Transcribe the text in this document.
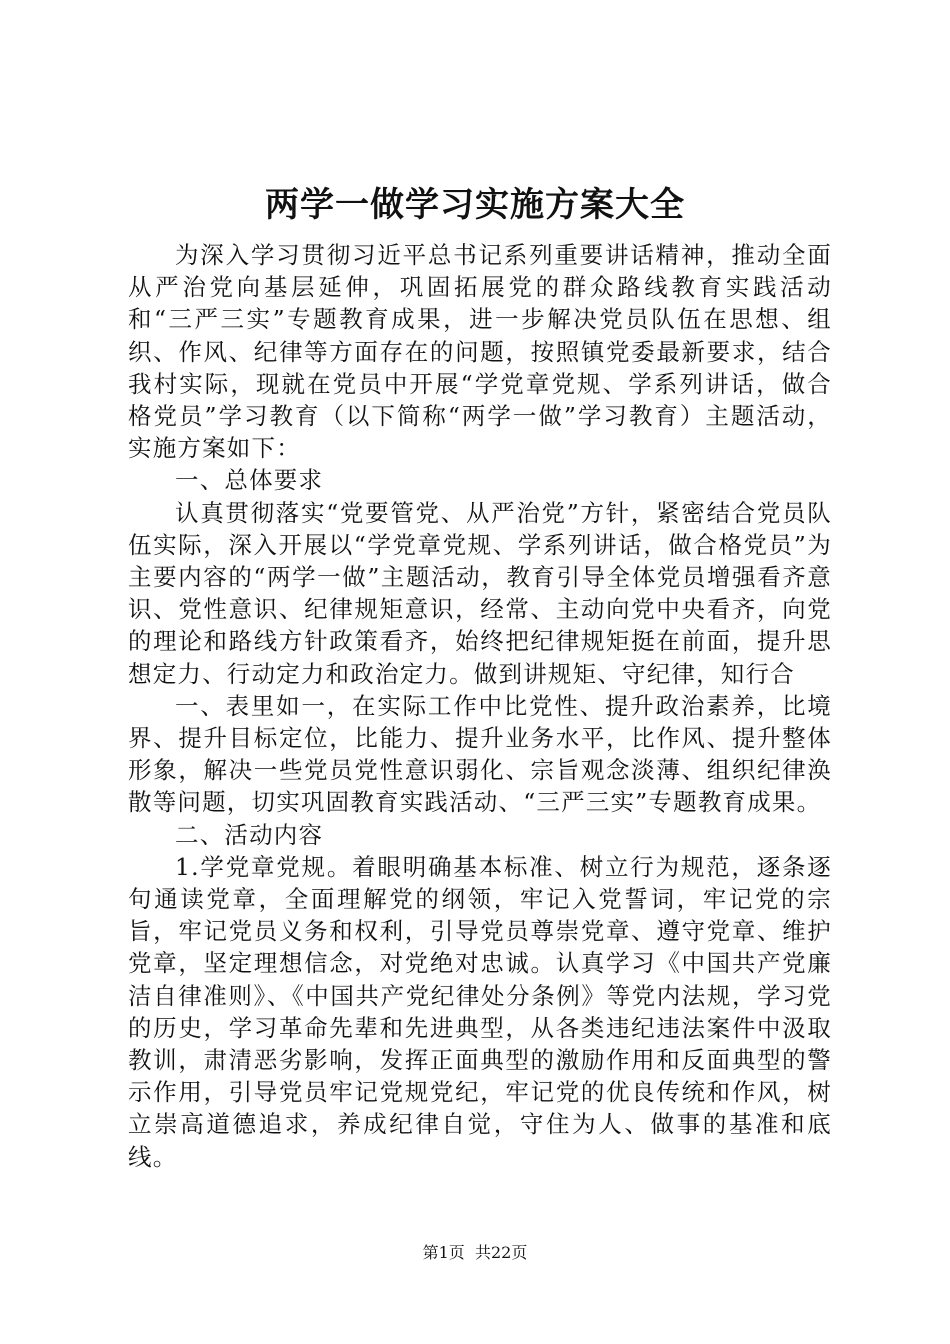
两学一做学习实施方案大全

为深入学习贯彻习近平总书记系列重要讲话精神，推动全面从严治党向基层延伸，巩固拓展党的群众路线教育实践活动和“三严三实”专题教育成果，进一步解决党员队伍在思想、组织、作风、纪律等方面存在的问题，按照镇党委最新要求，结合我村实际，现就在党员中开展“学党章党规、学系列讲话，做合格党员”学习教育（以下简称“两学一做”学习教育）主题活动，实施方案如下：

一、总体要求

认真贯彻落实“党要管党、从严治党”方针，紧密结合党员队伍实际，深入开展以“学党章党规、学系列讲话，做合格党员”为主要内容的“两学一做”主题活动，教育引导全体党员增强看齐意识、党性意识、纪律规矩意识，经常、主动向党中央看齐，向党的理论和路线方针政策看齐，始终把纪律规矩挺在前面，提升思想定力、行动定力和政治定力。做到讲规矩、守纪律，知行合

一、表里如一，在实际工作中比党性、提升政治素养，比境界、提升目标定位，比能力、提升业务水平，比作风、提升整体形象，解决一些党员党性意识弱化、宗旨观念淡薄、组织纪律涣散等问题，切实巩固教育实践活动、“三严三实”专题教育成果。

二、活动内容

1.学党章党规。着眼明确基本标准、树立行为规范，逐条逐句通读党章，全面理解党的纲领，牢记入党誓词，牢记党的宗旨，牢记党员义务和权利，引导党员尊崇党章、遵守党章、维护党章，坚定理想信念，对党绝对忠诚。认真学习《中国共产党廉洁自律准则》、《中国共产党纪律处分条例》等党内法规，学习党的历史，学习革命先辈和先进典型，从各类违纪违法案件中汲取教训，肃清恶劣影响，发挥正面典型的激励作用和反面典型的警示作用，引导党员牢记党规党纪，牢记党的优良传统和作风，树立崇高道德追求，养成纪律自觉，守住为人、做事的基准和底线。

第1页 共22页
